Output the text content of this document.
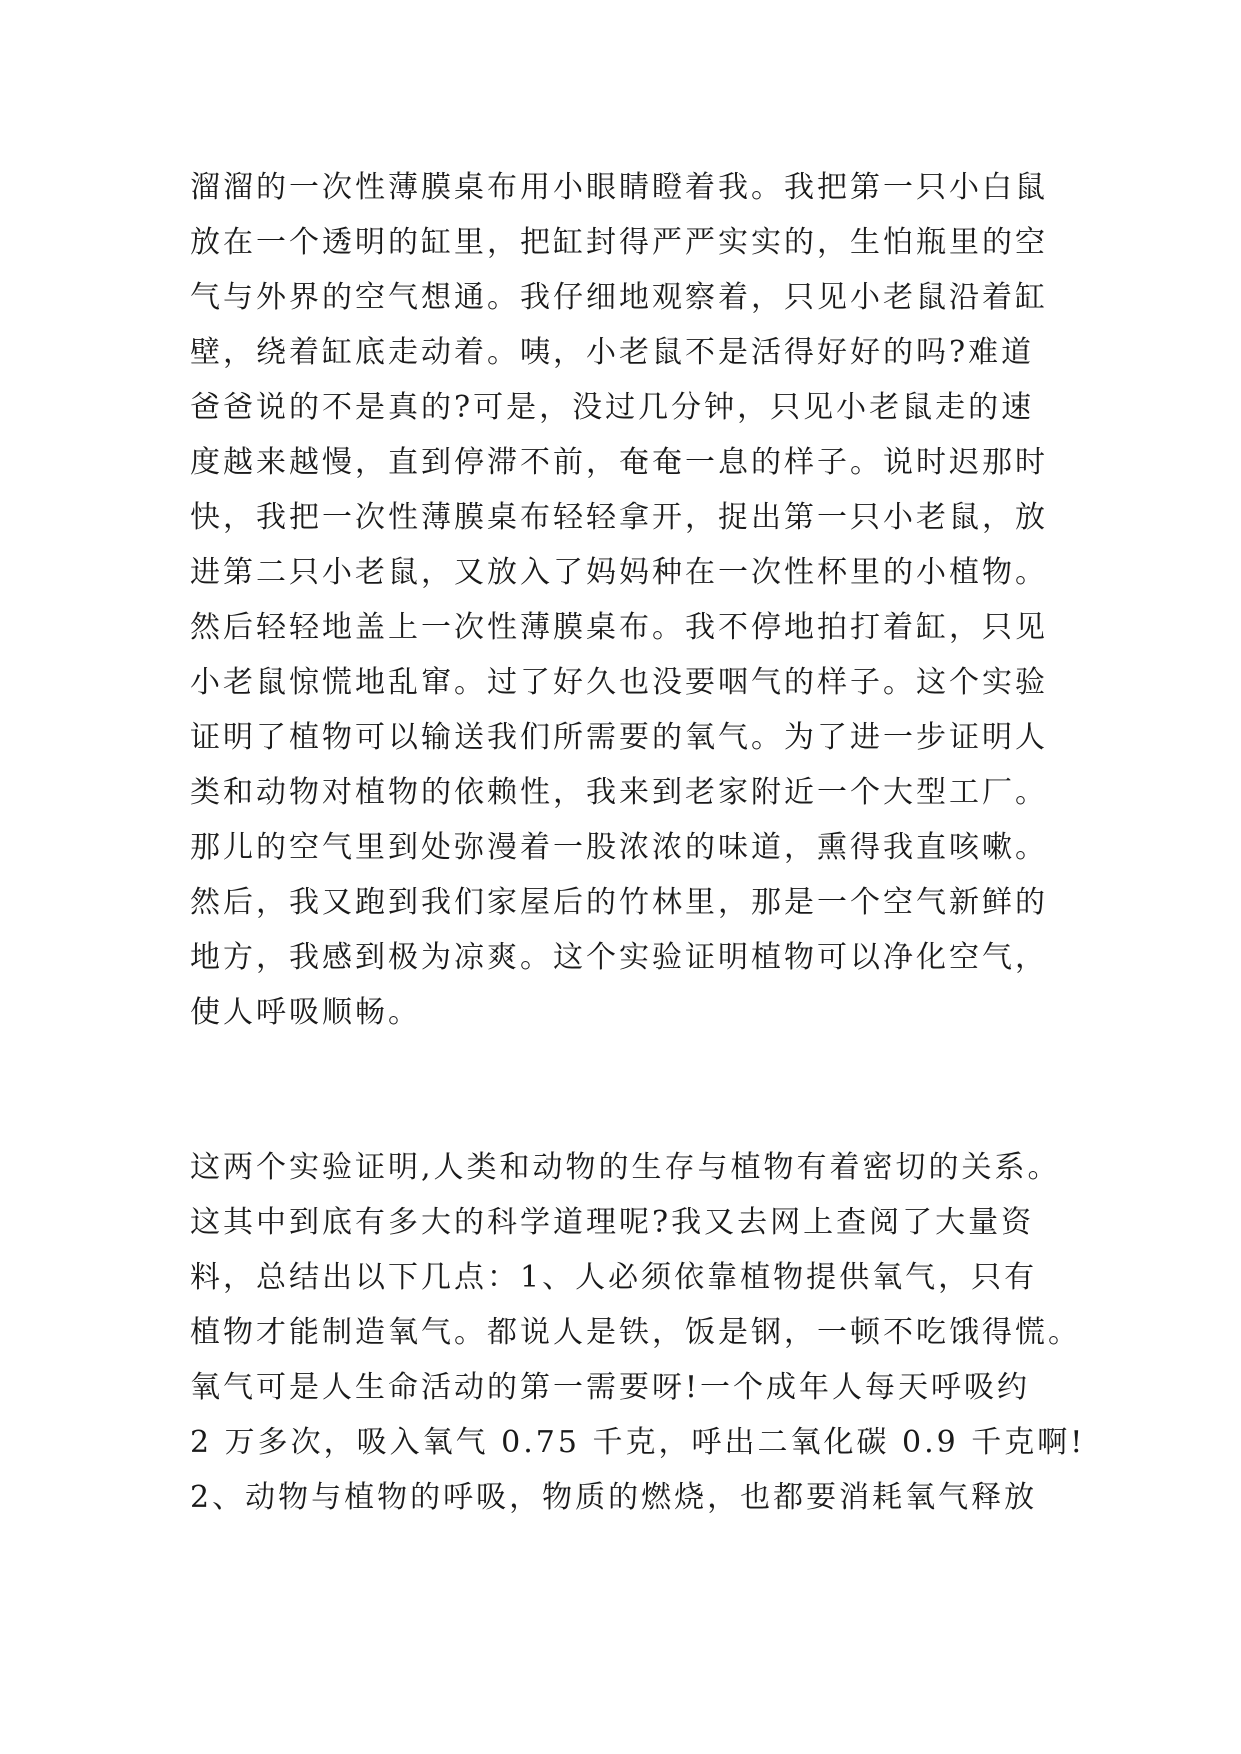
溜溜的一次性薄膜桌布用小眼睛瞪着我。我把第一只小白鼠
放在一个透明的缸里，把缸封得严严实实的，生怕瓶里的空
气与外界的空气想通。我仔细地观察着，只见小老鼠沿着缸
壁，绕着缸底走动着。咦，小老鼠不是活得好好的吗?难道
爸爸说的不是真的?可是，没过几分钟，只见小老鼠走的速
度越来越慢，直到停滞不前，奄奄一息的样子。说时迟那时
快，我把一次性薄膜桌布轻轻拿开，捉出第一只小老鼠，放
进第二只小老鼠，又放入了妈妈种在一次性杯里的小植物。
然后轻轻地盖上一次性薄膜桌布。我不停地拍打着缸，只见
小老鼠惊慌地乱窜。过了好久也没要咽气的样子。这个实验
证明了植物可以输送我们所需要的氧气。为了进一步证明人
类和动物对植物的依赖性，我来到老家附近一个大型工厂。
那儿的空气里到处弥漫着一股浓浓的味道，熏得我直咳嗽。
然后，我又跑到我们家屋后的竹林里，那是一个空气新鲜的
地方，我感到极为凉爽。这个实验证明植物可以净化空气，
使人呼吸顺畅。
这两个实验证明,人类和动物的生存与植物有着密切的关系。
这其中到底有多大的科学道理呢?我又去网上查阅了大量资
料，总结出以下几点：1、人必须依靠植物提供氧气，只有
植物才能制造氧气。都说人是铁，饭是钢，一顿不吃饿得慌。
氧气可是人生命活动的第一需要呀!一个成年人每天呼吸约
2 万多次，吸入氧气 0.75 千克，呼出二氧化碳 0.9 千克啊!
2、动物与植物的呼吸，物质的燃烧，也都要消耗氧气释放
